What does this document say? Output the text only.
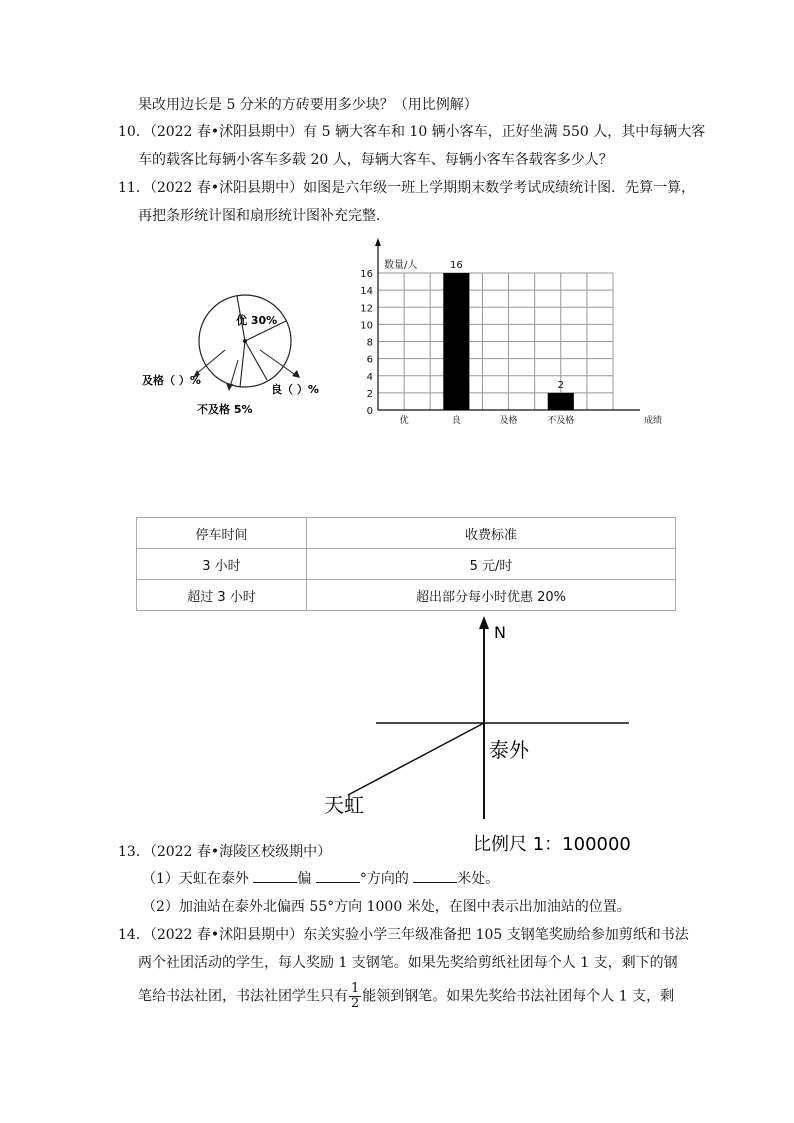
果改用边长是 5 分米的方砖要用多少块？（用比例解）
10．（2022 春•沭阳县期中）有 5 辆大客车和 10 辆小客车，正好坐满 550 人，其中每辆大客
车的载客比每辆小客车多载 20 人，每辆大客车、每辆小客车各载客多少人？
11．（2022 春•沭阳县期中）如图是六年级一班上学期期末数学考试成绩统计图．先算一算，
再把条形统计图和扇形统计图补充完整．
优 30%
及格（ ）%
良（ ）%
不及格 5%	0
2
4
6
8
10
12
14
16
优	良
16
及格	不及格
2
数量/人
成绩
停车时间	收费标准
3 小时	5 元/时
超过 3 小时	超出部分每小时优惠 20%
N
泰外
天虹
比例尺 1：100000
13．（2022 春•海陵区校级期中）
（1）天虹在泰外	偏	°方向的	米处。
（2）加油站在泰外北偏西 55°方向 1000 米处，在图中表示出加油站的位置。
14．（2022 春•沭阳县期中）东关实验小学三年级准备把 105 支钢笔奖励给参加剪纸和书法
两个社团活动的学生，每人奖励 1 支钢笔。如果先奖给剪纸社团每个人 1 支，剩下的钢
笔给书法社团，书法社团学生只有 $\frac{1}{2}$ 能领到钢笔。如果先奖给书法社团每个人 1 支，剩
